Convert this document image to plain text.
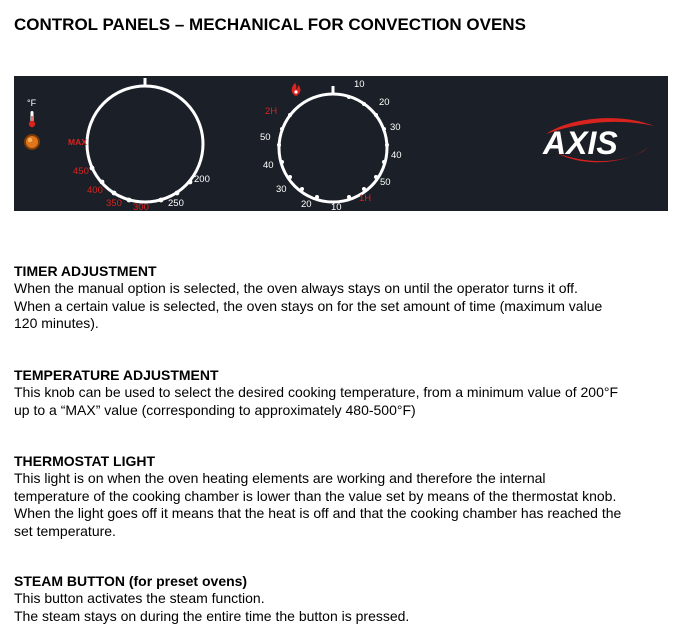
CONTROL PANELS – MECHANICAL FOR CONVECTION OVENS
°F
MAX
450
400
350 300
200
250
10
20
30
40
50
50
40
30
20 10
2H
1H
AXIS
TIMER ADJUSTMENT

When the manual option is selected, the oven always stays on until the operator turns it off.

When a certain value is selected, the oven stays on for the set amount of time (maximum value

120 minutes).

TEMPERATURE ADJUSTMENT

This knob can be used to select the desired cooking temperature, from a minimum value of 200°F

up to a “MAX” value (corresponding to approximately 480-500°F)

THERMOSTAT LIGHT

This light is on when the oven heating elements are working and therefore the internal

temperature of the cooking chamber is lower than the value set by means of the thermostat knob.

When the light goes off it means that the heat is off and that the cooking chamber has reached the

set temperature.

STEAM BUTTON (for preset ovens)

This button activates the steam function.

The steam stays on during the entire time the button is pressed.
